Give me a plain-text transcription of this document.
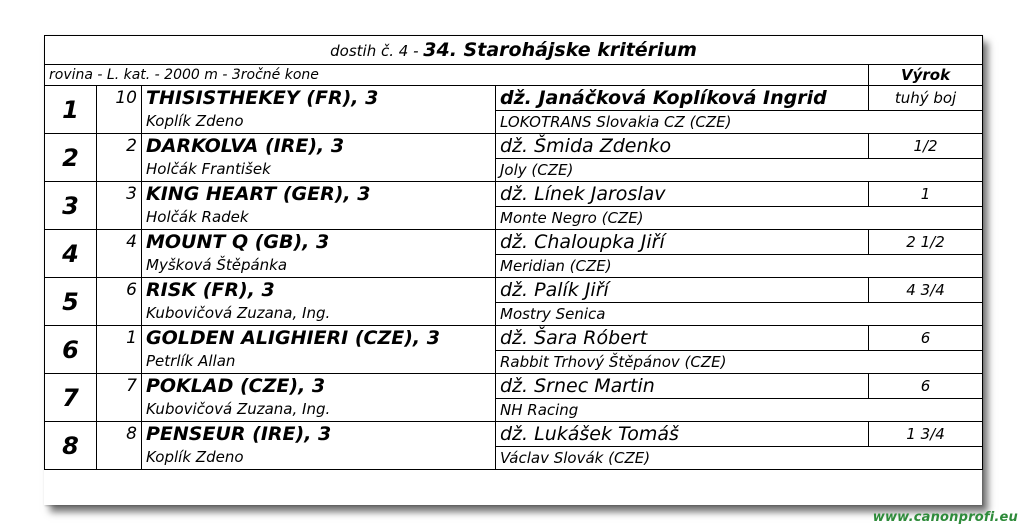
dostih č. 4 - 34. Starohájske kritérium				
rovina - L. kat. - 2000 m - 3ročné kone				Výrok
1	10	THISISTHEKEY (FR), 3	dž. Janáčková Koplíková Ingrid	tuhý boj
		Koplík Zdeno	LOKOTRANS Slovakia CZ (CZE)	
2	2	DARKOLVA (IRE), 3	dž. Šmida Zdenko	1/2
		Holčák František	Joly (CZE)	
3	3	KING HEART (GER), 3	dž. Línek Jaroslav	1
		Holčák Radek	Monte Negro (CZE)	
4	4	MOUNT Q (GB), 3	dž. Chaloupka Jiří	2 1/2
		Myšková Štěpánka	Meridian (CZE)	
5	6	RISK (FR), 3	dž. Palík Jiří	4 3/4
		Kubovičová Zuzana, Ing.	Mostry Senica	
6	1	GOLDEN ALIGHIERI (CZE), 3	dž. Šara Róbert	6
		Petrlík Allan	Rabbit Trhový Štěpánov (CZE)	
7	7	POKLAD (CZE), 3	dž. Srnec Martin	6
		Kubovičová Zuzana, Ing.	NH Racing	
8	8	PENSEUR (IRE), 3	dž. Lukášek Tomáš	1 3/4
		Koplík Zdeno	Václav Slovák (CZE)	
www.canonprofi.eu
